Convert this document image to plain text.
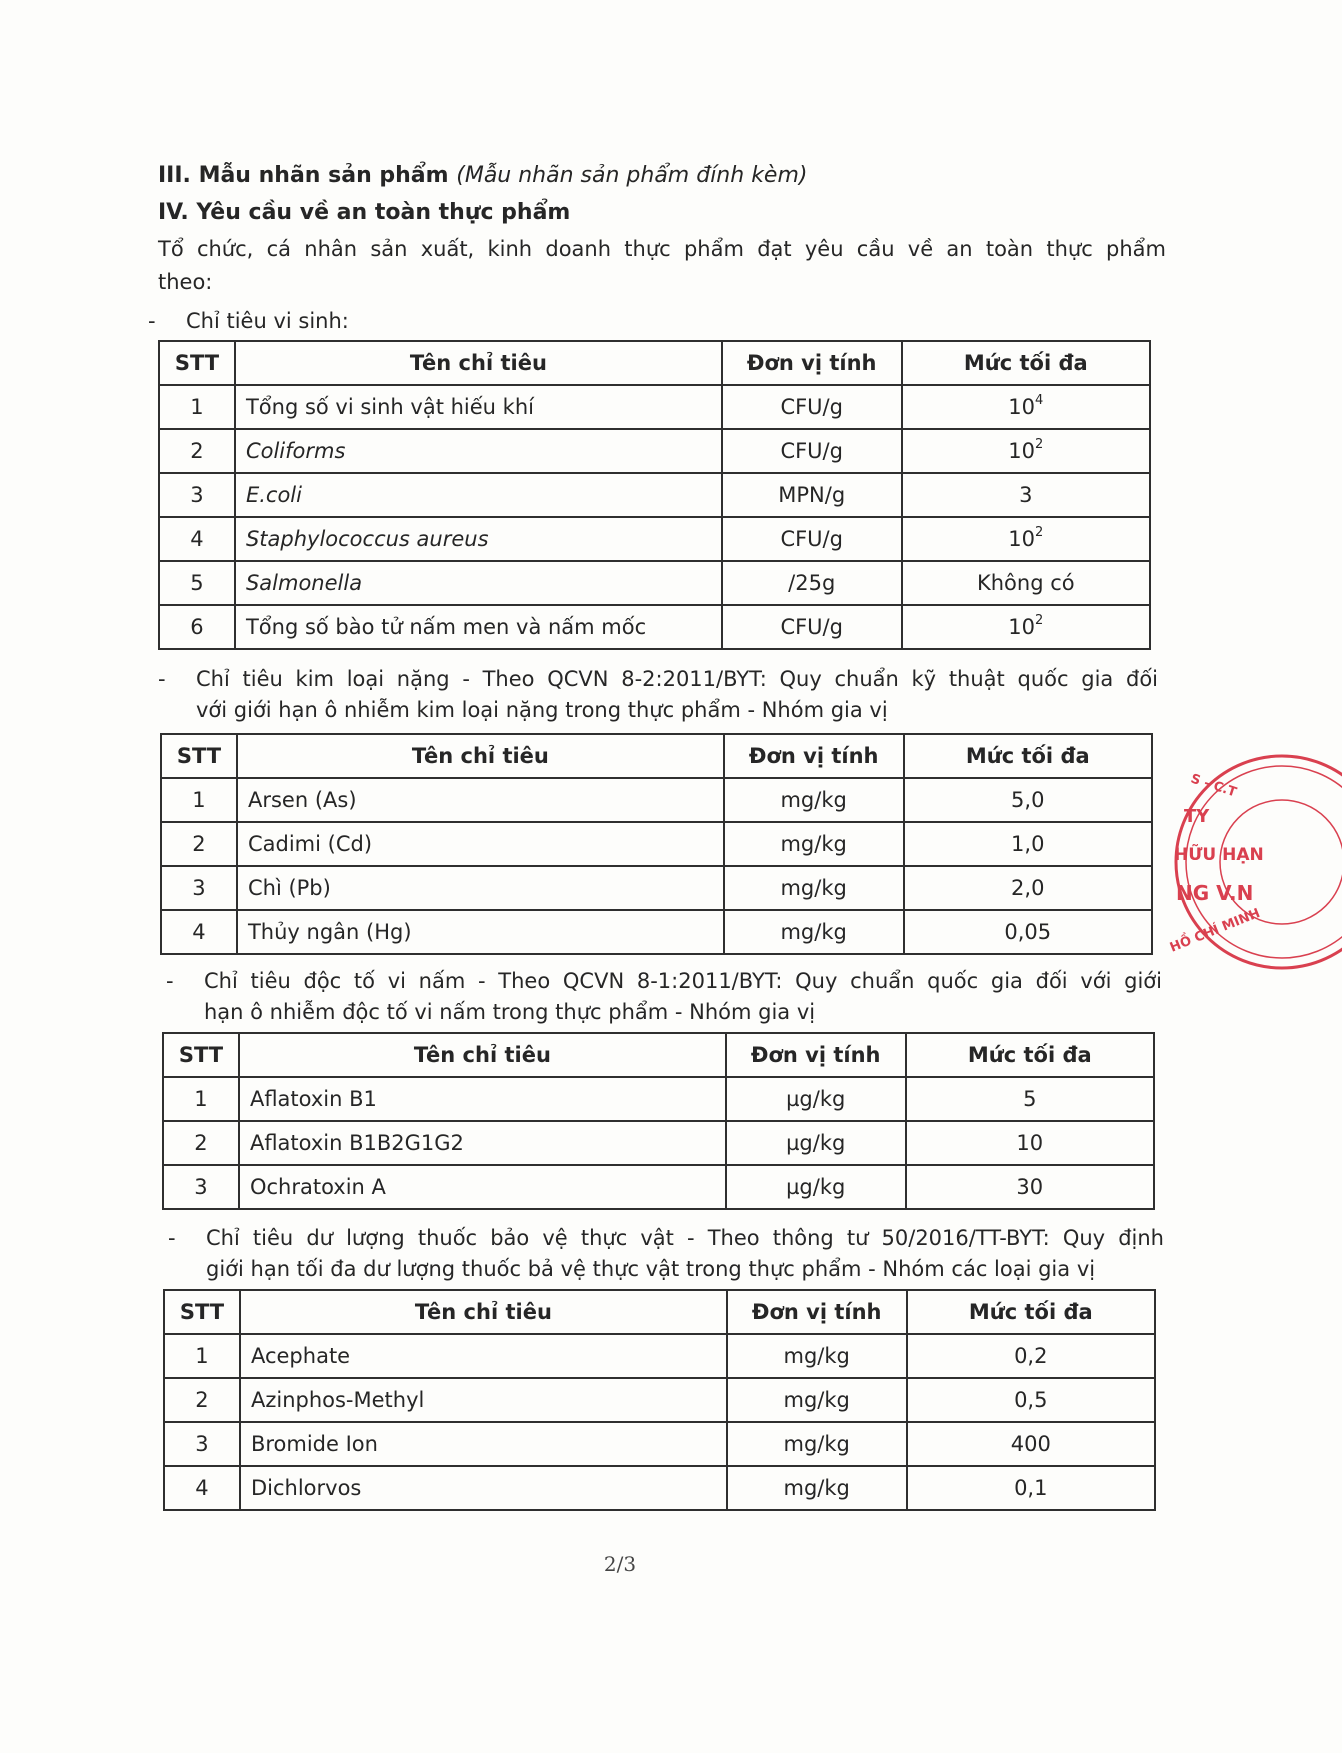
III. Mẫu nhãn sản phẩm (Mẫu nhãn sản phẩm đính kèm)
IV. Yêu cầu về an toàn thực phẩm
Tổ chức, cá nhân sản xuất, kinh doanh thực phẩm đạt yêu cầu về an toàn thực phẩm
theo:
- Chỉ tiêu vi sinh:
STT	Tên chỉ tiêu	Đơn vị tính	Mức tối đa
1	Tổng số vi sinh vật hiếu khí	CFU/g	$10^4$
2	Coliforms	CFU/g	$10^2$
3	E.coli	MPN/g	3
4	Staphylococcus aureus	CFU/g	$10^2$
5	Salmonella	/25g	Không có
6	Tổng số bào tử nấm men và nấm mốc	CFU/g	$10^2$
- Chỉ tiêu kim loại nặng - Theo QCVN 8-2:2011/BYT: Quy chuẩn kỹ thuật quốc gia đối
với giới hạn ô nhiễm kim loại nặng trong thực phẩm - Nhóm gia vị
STT	Tên chỉ tiêu	Đơn vị tính	Mức tối đa
1	Arsen (As)	mg/kg	5,0
2	Cadimi (Cd)	mg/kg	1,0
3	Chì (Pb)	mg/kg	2,0
4	Thủy ngân (Hg)	mg/kg	0,05
- Chỉ tiêu độc tố vi nấm - Theo QCVN 8-1:2011/BYT: Quy chuẩn quốc gia đối với giới
hạn ô nhiễm độc tố vi nấm trong thực phẩm - Nhóm gia vị
STT	Tên chỉ tiêu	Đơn vị tính	Mức tối đa
1	Aflatoxin B1	µg/kg	5
2	Aflatoxin B1B2G1G2	µg/kg	10
3	Ochratoxin A	µg/kg	30
- Chỉ tiêu dư lượng thuốc bảo vệ thực vật - Theo thông tư 50/2016/TT-BYT: Quy định
giới hạn tối đa dư lượng thuốc bả vệ thực vật trong thực phẩm - Nhóm các loại gia vị
STT	Tên chỉ tiêu	Đơn vị tính	Mức tối đa
1	Acephate	mg/kg	0,2
2	Azinphos-Methyl	mg/kg	0,5
3	Bromide Ion	mg/kg	400
4	Dichlorvos	mg/kg	0,1
S - C.T
TY
HỮU HẠN
NG V.N
HỒ CHÍ MINH
2/3
